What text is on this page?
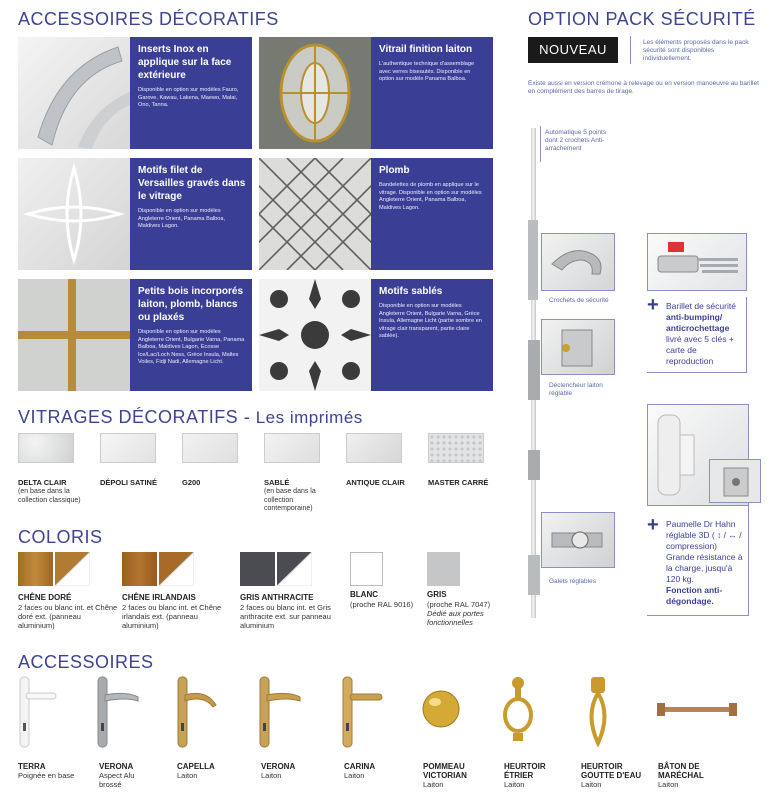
ACCESSOIRES DÉCORATIFS
Inserts Inox en applique sur la face extérieure
Disponible en option sur modèles Fauro, Garove, Kawau, Lakena, Maewo, Malai, Ono, Tanna.
Vitrail finition laiton
L'authentique technique d'assemblage avec verres biseautés. Disponible en option sur modèle Panama Balboa.
Motifs filet de Versailles gravés dans le vitrage
Disponible en option sur modèles Angleterre Orient, Panama Balboa, Maldives Lagon.
Plomb
Bandelettes de plomb en applique sur le vitrage. Disponible en option sur modèles Angleterre Orient, Panama Balboa, Maldives Lagon.
Petits bois incorporés laiton, plomb, blancs ou plaxés
Disponible en option sur modèles Angleterre Orient, Bulgarie Varna, Panama Balboa, Maldives Lagon, Ecosse Ice/Lac/Loch Ness, Grèce Insula, Maltes Voiles, Fidji Nadi, Allemagne Licht.
Motifs sablés
Disponible en option sur modèles Angleterre Orient, Bulgarie Varna, Grèce Insula, Allemagne Licht (partie sombre en vitrage clair transparent, partie claire sablée).
VITRAGES DÉCORATIFS - Les imprimés
DELTA CLAIR
(en base dans la collection classique)
DÉPOLI SATINÉ	G200	SABLÉ
(en base dans la collection contemporaine)
ANTIQUE CLAIR	MASTER CARRÉ
COLORIS
CHÊNE DORÉ
2 faces ou blanc int. et Chêne doré ext. (panneau aluminium)
CHÊNE IRLANDAIS
2 faces ou blanc int. et Chêne irlandais ext. (panneau aluminium)
GRIS ANTHRACITE
2 faces ou blanc int. et Gris anthracite ext. sur panneau aluminium
BLANC
(proche RAL 9016)
GRIS
(proche RAL 7047)
Dédié aux portes fonctionnelles
ACCESSOIRES
TERRA
Poignée en base
VERONA
Aspect Alu brossé
CAPELLA
Laiton
VERONA
Laiton
CARINA
Laiton
POMMEAU VICTORIAN
Laiton
HEURTOIR ÉTRIER
Laiton
HEURTOIR GOUTTE D'EAU
Laiton
BÂTON DE MARÉCHAL
Laiton
OPTION PACK SÉCURITÉ
NOUVEAU	Les éléments proposés dans le pack sécurité sont disponibles individuellement.
Existe aussi en version crémone à relevage ou en version manoeuvre au barillet en complément des barres de tirage.
Automatique 5 points dont 2 crochets Anti-arrachement
Crochets de sécurité
Déclencheur laiton réglable
Galets réglables
+ Barillet de sécurité
anti-bumping/ anticrochettage
livré avec 5 clés + carte de reproduction
+ Paumelle Dr Hahn réglable 3D ( ↕ / ↔ / compression) Grande résistance à la charge, jusqu'à 120 kg.
Fonction anti-dégondage.
